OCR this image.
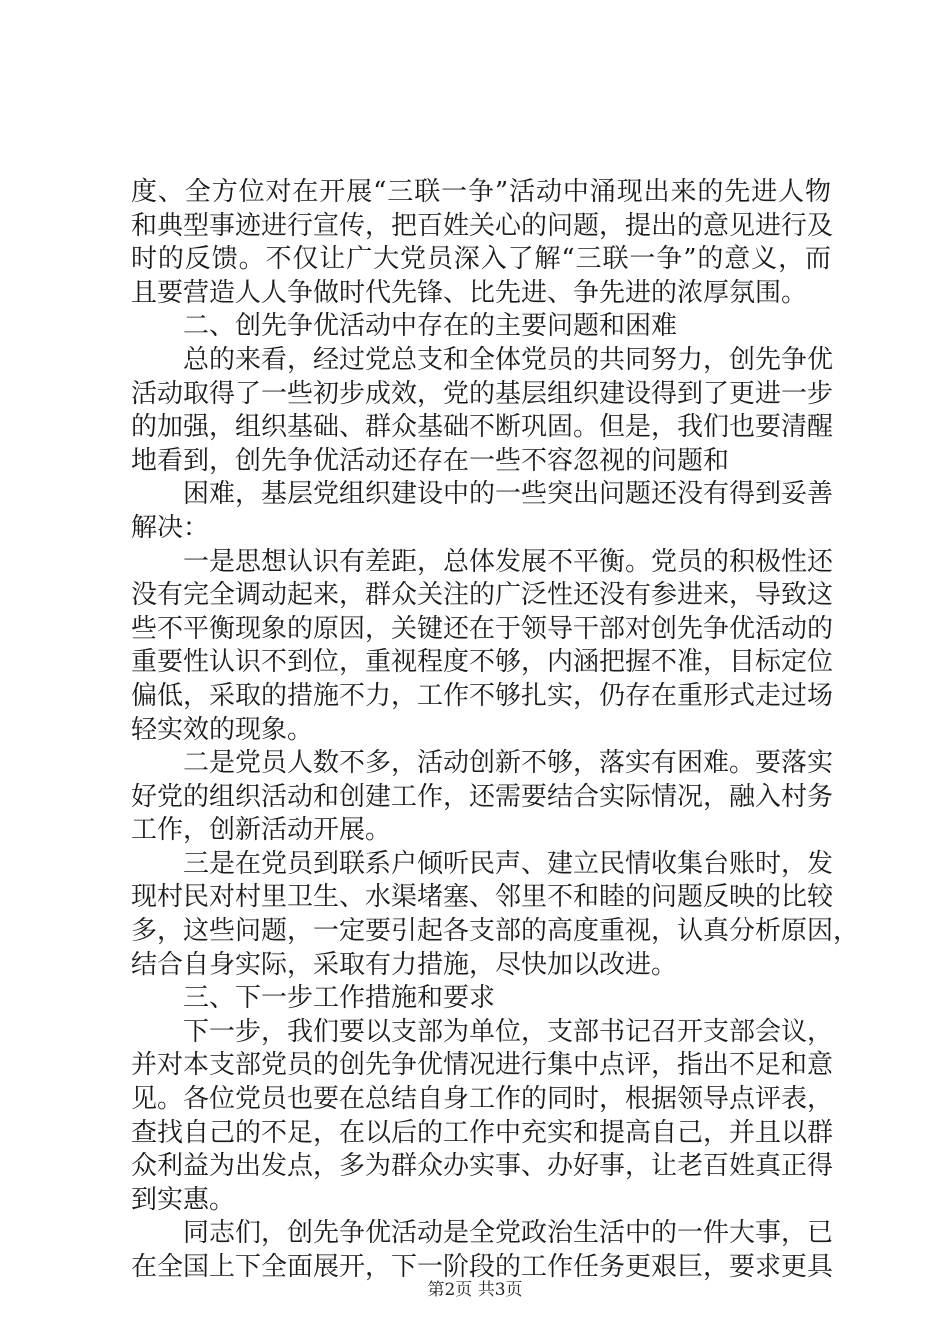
度、全方位对在开展“三联一争”活动中涌现出来的先进人物
和典型事迹进行宣传，把百姓关心的问题，提出的意见进行及
时的反馈。不仅让广大党员深入了解“三联一争”的意义，而
且要营造人人争做时代先锋、比先进、争先进的浓厚氛围。
二、创先争优活动中存在的主要问题和困难
总的来看，经过党总支和全体党员的共同努力，创先争优
活动取得了一些初步成效，党的基层组织建设得到了更进一步
的加强，组织基础、群众基础不断巩固。但是，我们也要清醒
地看到，创先争优活动还存在一些不容忽视的问题和
困难，基层党组织建设中的一些突出问题还没有得到妥善
解决：
一是思想认识有差距，总体发展不平衡。党员的积极性还
没有完全调动起来，群众关注的广泛性还没有参进来，导致这
些不平衡现象的原因，关键还在于领导干部对创先争优活动的
重要性认识不到位，重视程度不够，内涵把握不准，目标定位
偏低，采取的措施不力，工作不够扎实，仍存在重形式走过场
轻实效的现象。
二是党员人数不多，活动创新不够，落实有困难。要落实
好党的组织活动和创建工作，还需要结合实际情况，融入村务
工作，创新活动开展。
三是在党员到联系户倾听民声、建立民情收集台账时，发
现村民对村里卫生、水渠堵塞、邻里不和睦的问题反映的比较
多，这些问题，一定要引起各支部的高度重视，认真分析原因，
结合自身实际，采取有力措施，尽快加以改进。
三、下一步工作措施和要求
下一步，我们要以支部为单位，支部书记召开支部会议，
并对本支部党员的创先争优情况进行集中点评，指出不足和意
见。各位党员也要在总结自身工作的同时，根据领导点评表，
查找自己的不足，在以后的工作中充实和提高自己，并且以群
众利益为出发点，多为群众办实事、办好事，让老百姓真正得
到实惠。
同志们，创先争优活动是全党政治生活中的一件大事，已
在全国上下全面展开，下一阶段的工作任务更艰巨，要求更具
第2页 共3页
